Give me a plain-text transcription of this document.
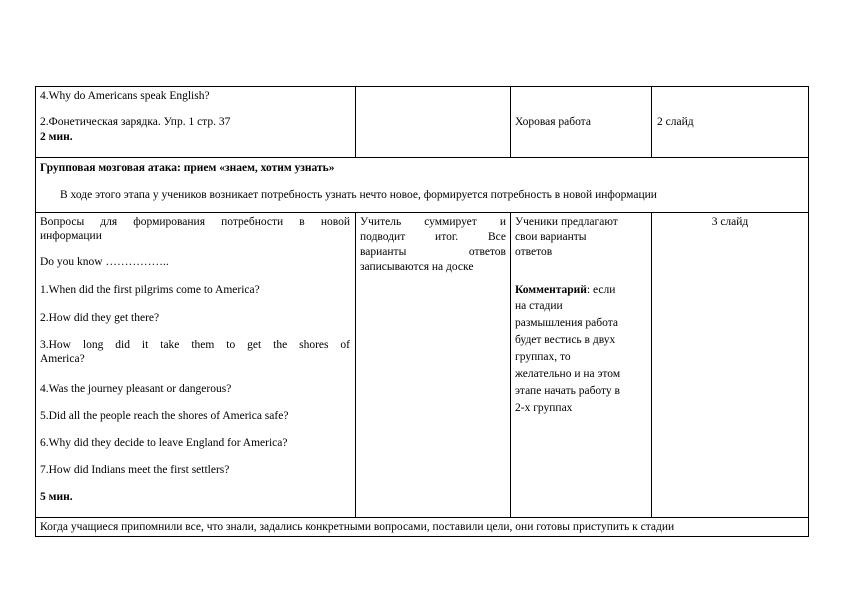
4.Why do Americans speak English?
2.Фонетическая зарядка. Упр. 1 стр. 37
2 мин.
Хоровая работа	2 слайд
Групповая мозговая атака: прием «знаем, хотим узнать»
В ходе этого этапа у учеников возникает потребность узнать нечто новое, формируется потребность в новой информации
Вопросы для формирования потребности в новой
информации
Do you know ……………..
1.When did the first pilgrims come to America?
2.How did they get there?
3.How long did it take them to get the shores of
America?
4.Was the journey pleasant or dangerous?
5.Did all the people reach the shores of America safe?
6.Why did they decide to leave England for America?
7.How did Indians meet the first settlers?
5 мин.
Учитель суммирует и
подводит итог. Все
варианты ответов
записываются на доске
Ученики предлагают
свои варианты
ответов
Комментарий: если
на стадии
размышления работа
будет вестись в двух
группах, то
желательно и на этом
этапе начать работу в
2-х группах
3 слайд
Когда учащиеся припомнили все, что знали, задались конкретными вопросами, поставили цели, они готовы приступить к стадии
